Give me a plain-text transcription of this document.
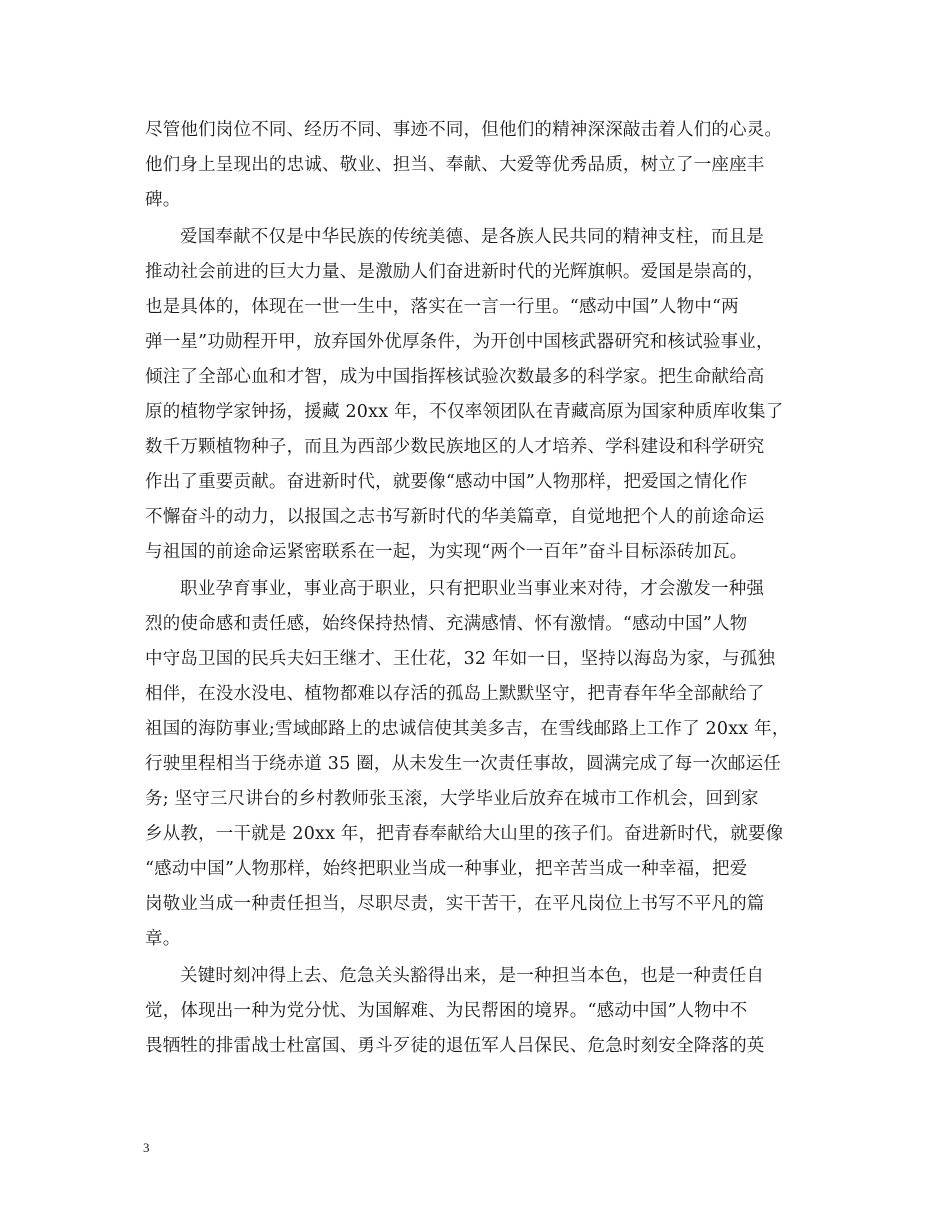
尽管他们岗位不同、经历不同、事迹不同，但他们的精神深深敲击着人们的心灵。
他们身上呈现出的忠诚、敬业、担当、奉献、大爱等优秀品质，树立了一座座丰
碑。
爱国奉献不仅是中华民族的传统美德、是各族人民共同的精神支柱，而且是
推动社会前进的巨大力量、是激励人们奋进新时代的光辉旗帜。爱国是崇高的，
也是具体的，体现在一世一生中，落实在一言一行里。“感动中国”人物中“两
弹一星”功勋程开甲，放弃国外优厚条件，为开创中国核武器研究和核试验事业，
倾注了全部心血和才智，成为中国指挥核试验次数最多的科学家。把生命献给高
原的植物学家钟扬，援藏 20xx 年，不仅率领团队在青藏高原为国家种质库收集了
数千万颗植物种子，而且为西部少数民族地区的人才培养、学科建设和科学研究
作出了重要贡献。奋进新时代，就要像“感动中国”人物那样，把爱国之情化作
不懈奋斗的动力，以报国之志书写新时代的华美篇章，自觉地把个人的前途命运
与祖国的前途命运紧密联系在一起，为实现“两个一百年”奋斗目标添砖加瓦。
职业孕育事业，事业高于职业，只有把职业当事业来对待，才会激发一种强
烈的使命感和责任感，始终保持热情、充满感情、怀有激情。“感动中国”人物
中守岛卫国的民兵夫妇王继才、王仕花，32 年如一日，坚持以海岛为家，与孤独
相伴，在没水没电、植物都难以存活的孤岛上默默坚守，把青春年华全部献给了
祖国的海防事业;雪域邮路上的忠诚信使其美多吉，在雪线邮路上工作了 20xx 年，
行驶里程相当于绕赤道 35 圈，从未发生一次责任事故，圆满完成了每一次邮运任
务; 坚守三尺讲台的乡村教师张玉滚，大学毕业后放弃在城市工作机会，回到家
乡从教，一干就是 20xx 年，把青春奉献给大山里的孩子们。奋进新时代，就要像
“感动中国”人物那样，始终把职业当成一种事业，把辛苦当成一种幸福，把爱
岗敬业当成一种责任担当，尽职尽责，实干苦干，在平凡岗位上书写不平凡的篇
章。
关键时刻冲得上去、危急关头豁得出来，是一种担当本色，也是一种责任自
觉，体现出一种为党分忧、为国解难、为民帮困的境界。“感动中国”人物中不
畏牺牲的排雷战士杜富国、勇斗歹徒的退伍军人吕保民、危急时刻安全降落的英
3
